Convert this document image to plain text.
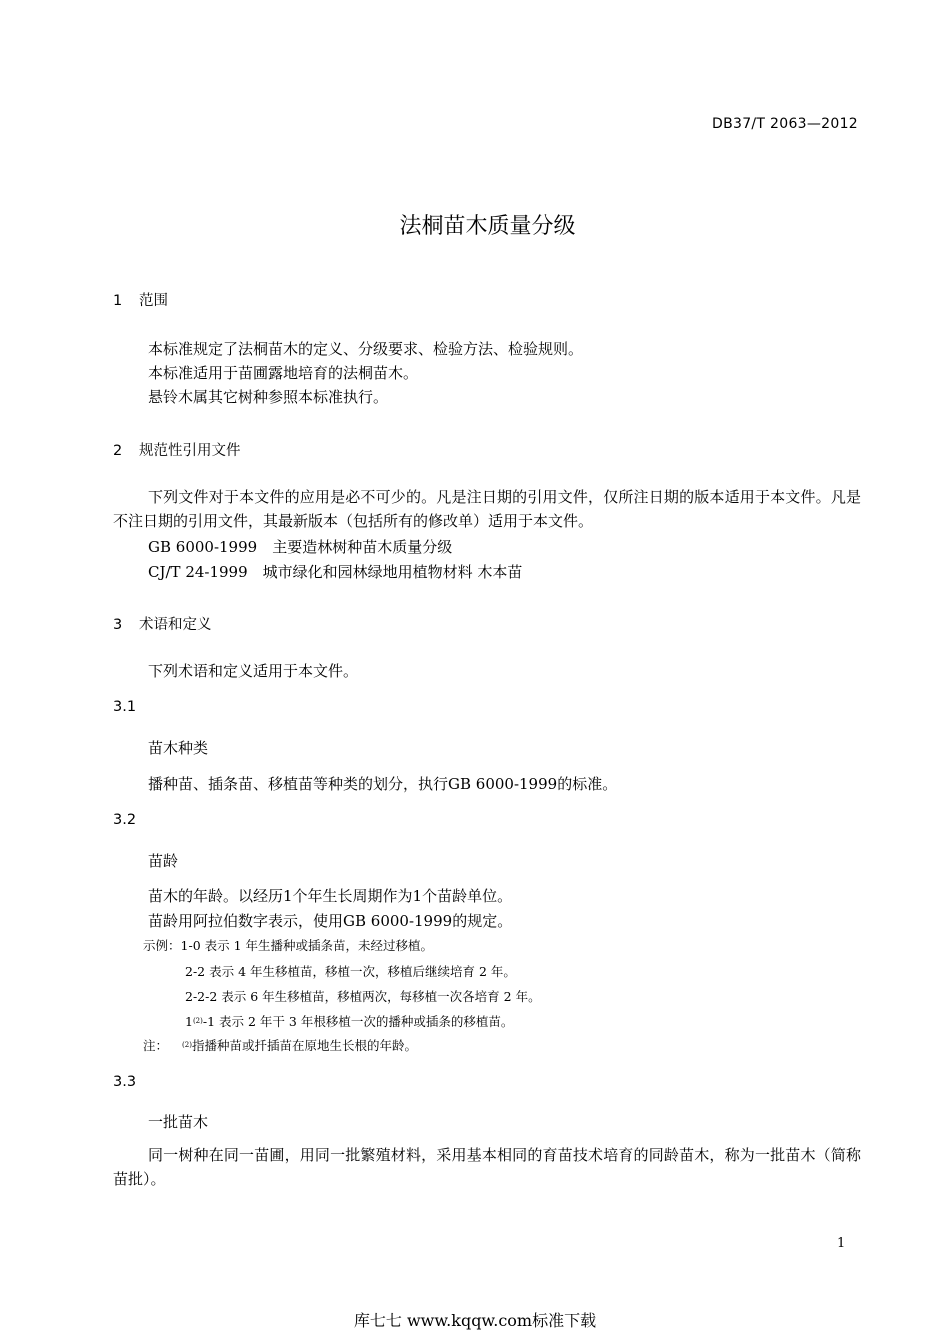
DB37/T 2063—2012
法桐苗木质量分级
1 范围
本标准规定了法桐苗木的定义、分级要求、检验方法、检验规则。
本标准适用于苗圃露地培育的法桐苗木。
悬铃木属其它树种参照本标准执行。
2 规范性引用文件
下列文件对于本文件的应用是必不可少的。凡是注日期的引用文件，仅所注日期的版本适用于本文件。凡是不注日期的引用文件，其最新版本（包括所有的修改单）适用于本文件。
GB 6000-1999　主要造林树种苗木质量分级
CJ/T 24-1999　城市绿化和园林绿地用植物材料 木本苗
3 术语和定义
下列术语和定义适用于本文件。
3.1
苗木种类
播种苗、插条苗、移植苗等种类的划分，执行GB 6000-1999的标准。
3.2
苗龄
苗木的年龄。以经历1个年生长周期作为1个苗龄单位。
苗龄用阿拉伯数字表示，使用GB 6000-1999的规定。
示例：1-0 表示 1 年生播种或插条苗，未经过移植。
2-2 表示 4 年生移植苗，移植一次，移植后继续培育 2 年。
2-2-2 表示 6 年生移植苗，移植两次，每移植一次各培育 2 年。
1$^{(2)}$-1 表示 2 年干 3 年根移植一次的播种或插条的移植苗。
注： $^{(2)}$指播种苗或扦插苗在原地生长根的年龄。
3.3
一批苗木
同一树种在同一苗圃，用同一批繁殖材料，采用基本相同的育苗技术培育的同龄苗木，称为一批苗木（简称苗批）。
1
库七七 www.kqqw.com标准下载
